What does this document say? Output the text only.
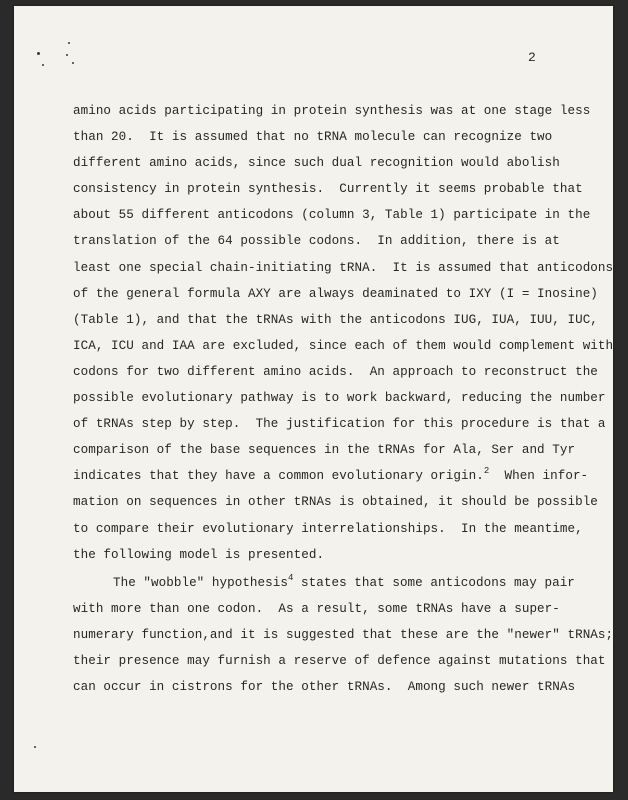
2
amino acids participating in protein synthesis was at one stage less
than 20.  It is assumed that no tRNA molecule can recognize two
different amino acids, since such dual recognition would abolish
consistency in protein synthesis.  Currently it seems probable that
about 55 different anticodons (column 3, Table 1) participate in the
translation of the 64 possible codons.  In addition, there is at
least one special chain-initiating tRNA.  It is assumed that anticodons
of the general formula AXY are always deaminated to IXY (I = Inosine)
(Table 1), and that the tRNAs with the anticodons IUG, IUA, IUU, IUC,
ICA, ICU and IAA are excluded, since each of them would complement with
codons for two different amino acids.  An approach to reconstruct the
possible evolutionary pathway is to work backward, reducing the number
of tRNAs step by step.  The justification for this procedure is that a
comparison of the base sequences in the tRNAs for Ala, Ser and Tyr
indicates that they have a common evolutionary origin.$^2$  When infor-
mation on sequences in other tRNAs is obtained, it should be possible
to compare their evolutionary interrelationships.  In the meantime,
the following model is presented.
The "wobble" hypothesis$^4$ states that some anticodons may pair
with more than one codon.  As a result, some tRNAs have a super-
numerary function,and it is suggested that these are the "newer" tRNAs;
their presence may furnish a reserve of defence against mutations that
can occur in cistrons for the other tRNAs.  Among such newer tRNAs
